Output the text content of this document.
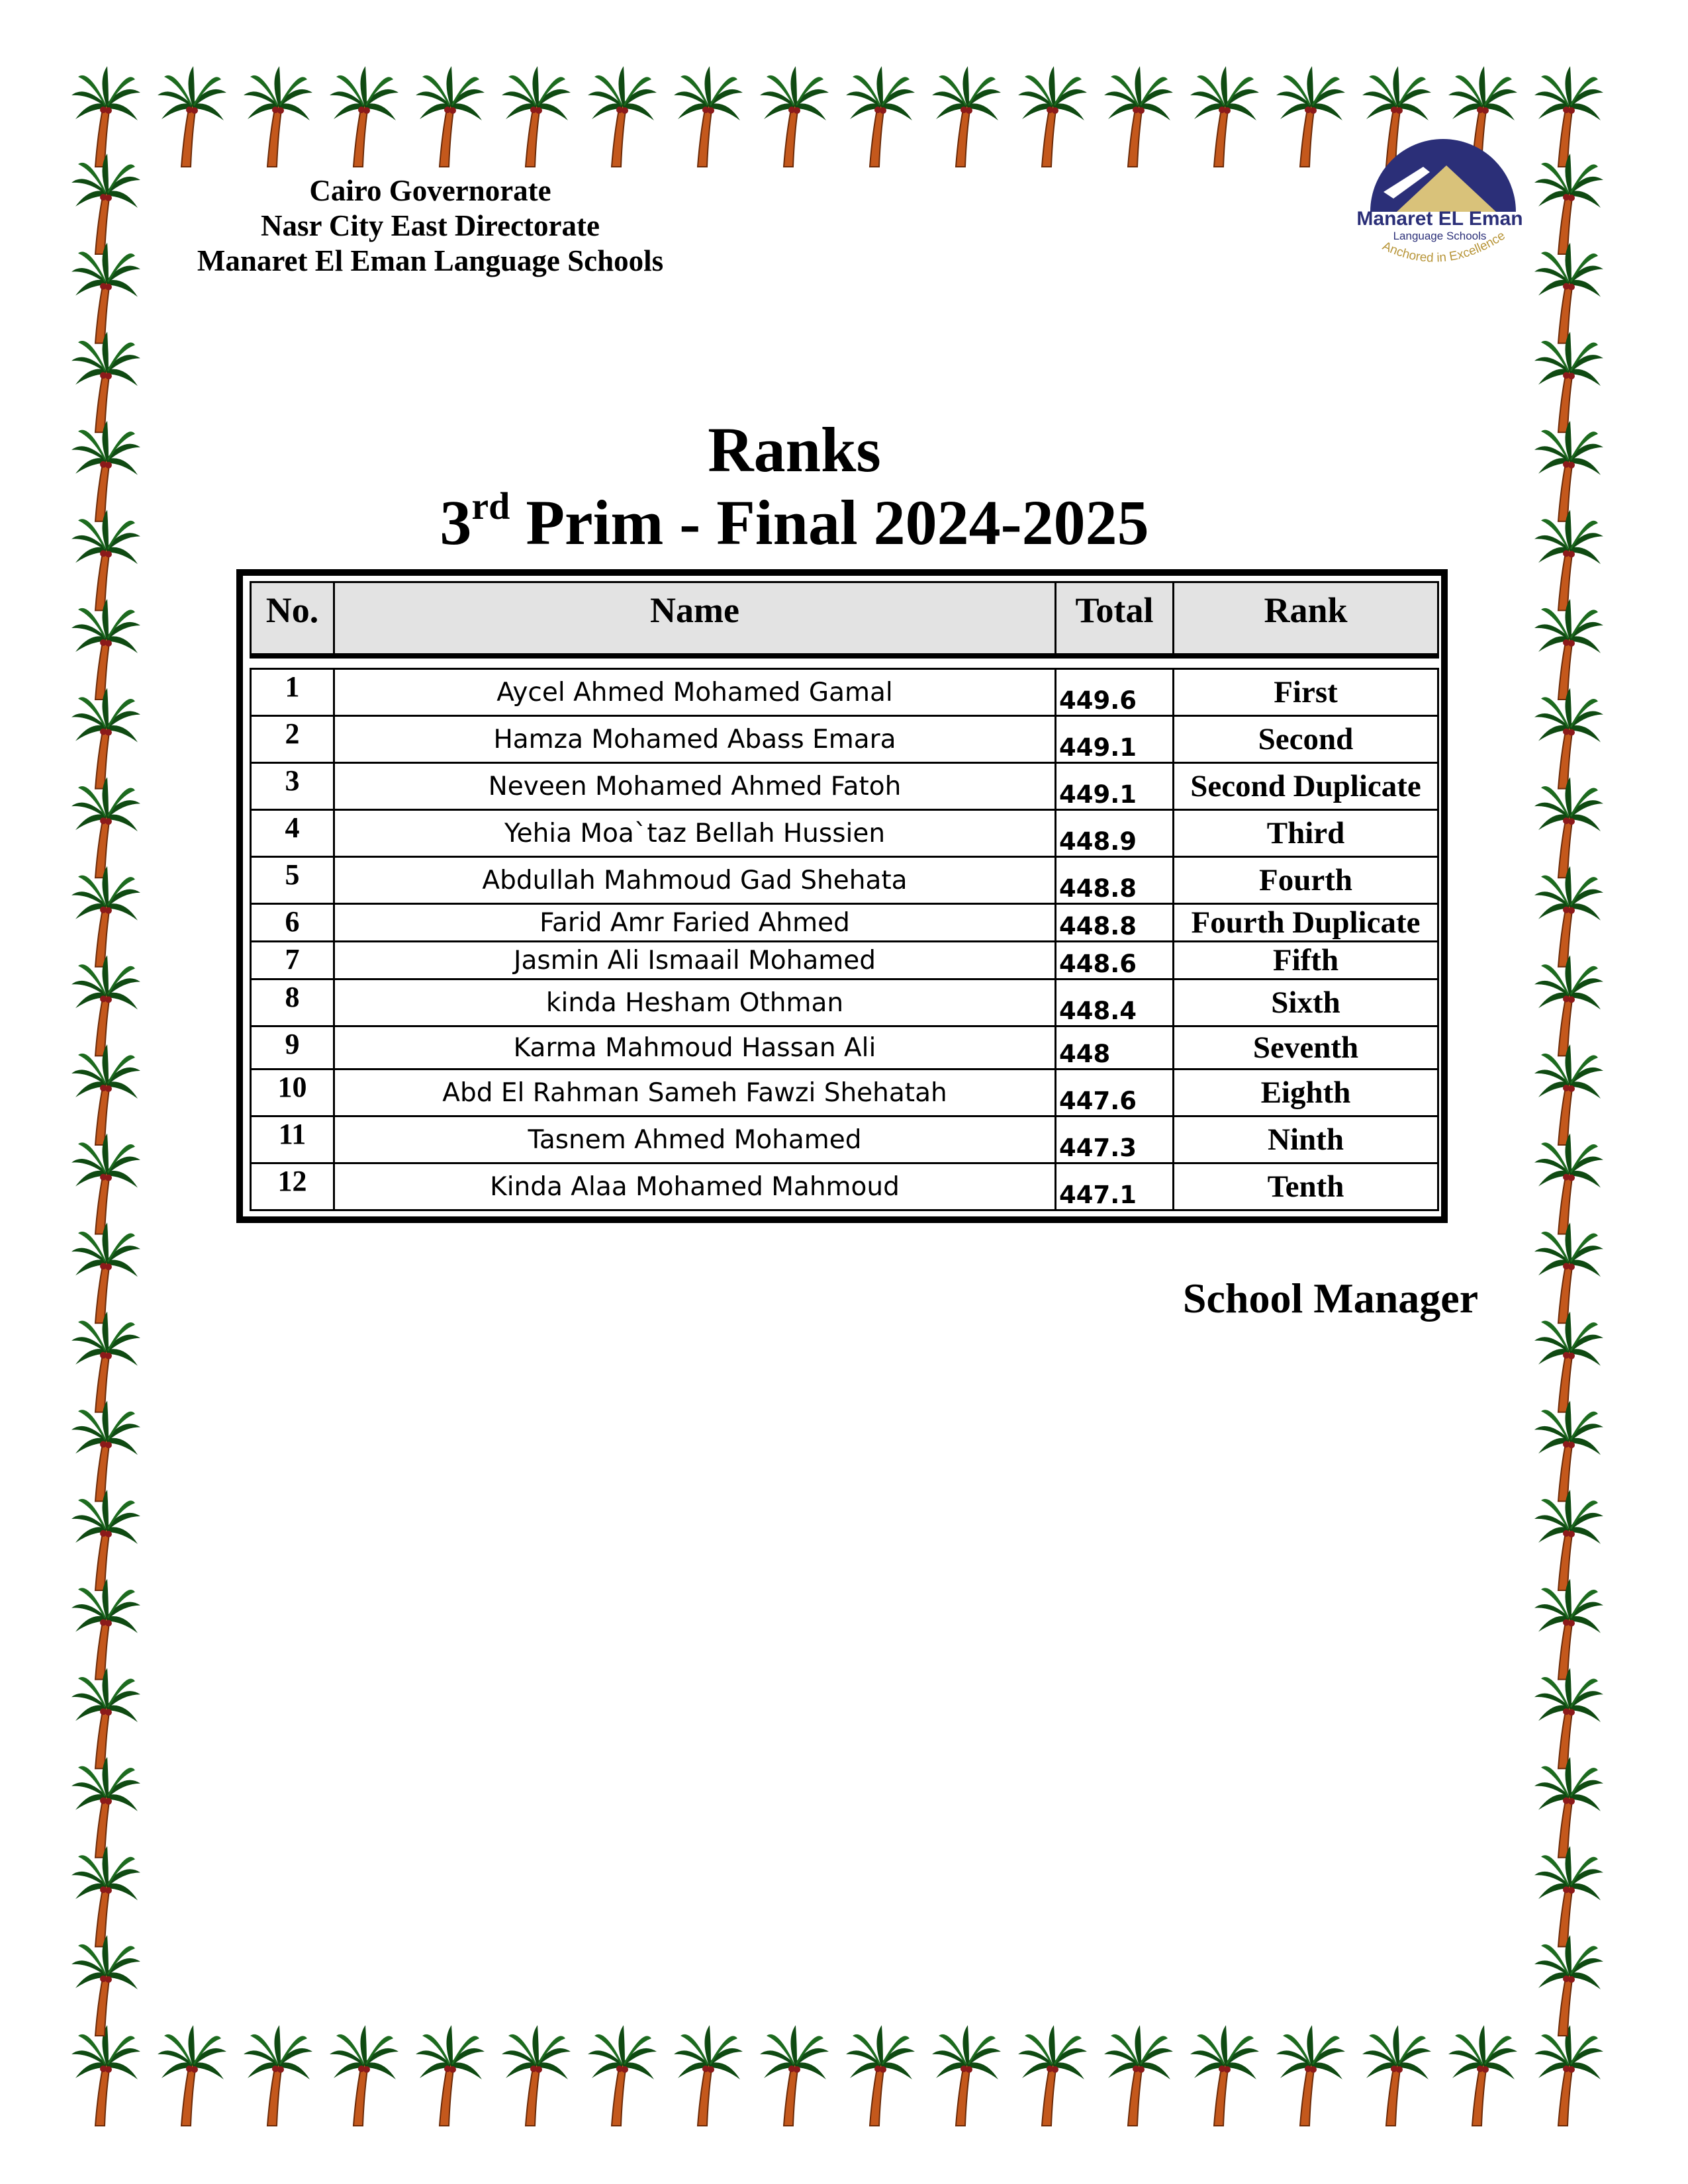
Cairo Governorate
Nasr City East Directorate
Manaret El Eman Language Schools
Manaret EL Eman
Language Schools
Anchored in Excellence
Ranks
3rd Prim - Final 2024-2025
No.	Name	Total	Rank

1	Aycel Ahmed Mohamed Gamal	449.6	First
2	Hamza Mohamed Abass Emara	449.1	Second
3	Neveen Mohamed Ahmed Fatoh	449.1	Second Duplicate
4	Yehia Moa`taz Bellah Hussien	448.9	Third
5	Abdullah Mahmoud Gad Shehata	448.8	Fourth
6	Farid Amr Faried Ahmed	448.8	Fourth Duplicate
7	Jasmin Ali Ismaail Mohamed	448.6	Fifth
8	kinda Hesham Othman	448.4	Sixth
9	Karma Mahmoud Hassan Ali	448	Seventh
10	Abd El Rahman Sameh Fawzi Shehatah	447.6	Eighth
11	Tasnem Ahmed Mohamed	447.3	Ninth
12	Kinda Alaa Mohamed Mahmoud	447.1	Tenth
School Manager
